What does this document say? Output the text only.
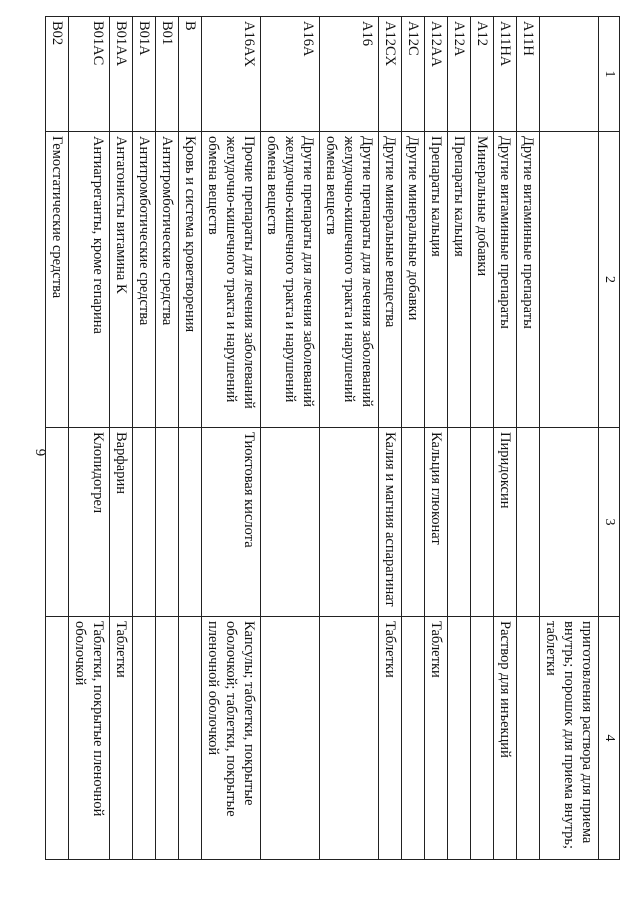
6
1	2	3	4
			приготовления раствора для приема внутрь; порошок для приема внутрь; таблетки
A11H	Другие витаминные препараты		
A11HA	Другие витаминные препараты	Пиридоксин	Раствор для инъекций
A12	Минеральные добавки		
A12A	Препараты кальция		
A12AA	Препараты кальция	Кальция глюконат	Таблетки
A12C	Другие минеральные добавки		
A12CX	Другие минеральные вещества	Калия и магния аспарагинат	Таблетки
A16	Другие препараты для лечения заболеваний желудочно-кишечного тракта и нарушений обмена веществ		
A16A	Другие препараты для лечения заболеваний желудочно-кишечного тракта и нарушений обмена веществ		
A16AX	Прочие препараты для лечения заболеваний желудочно-кишечного тракта и нарушений обмена веществ	Тиоктовая кислота	Капсулы; таблетки, покрытые оболочкой; таблетки, покрытые пленочной оболочкой
B	Кровь и система кроветворения		
B01	Антитромботические средства		
B01A	Антитромботические средства		
B01AA	Антагонисты витамина К	Варфарин	Таблетки
B01AC	Антиагреганты, кроме гепарина	Клопидогрел	Таблетки, покрытые пленочной оболочкой
B02	Гемостатические средства		
